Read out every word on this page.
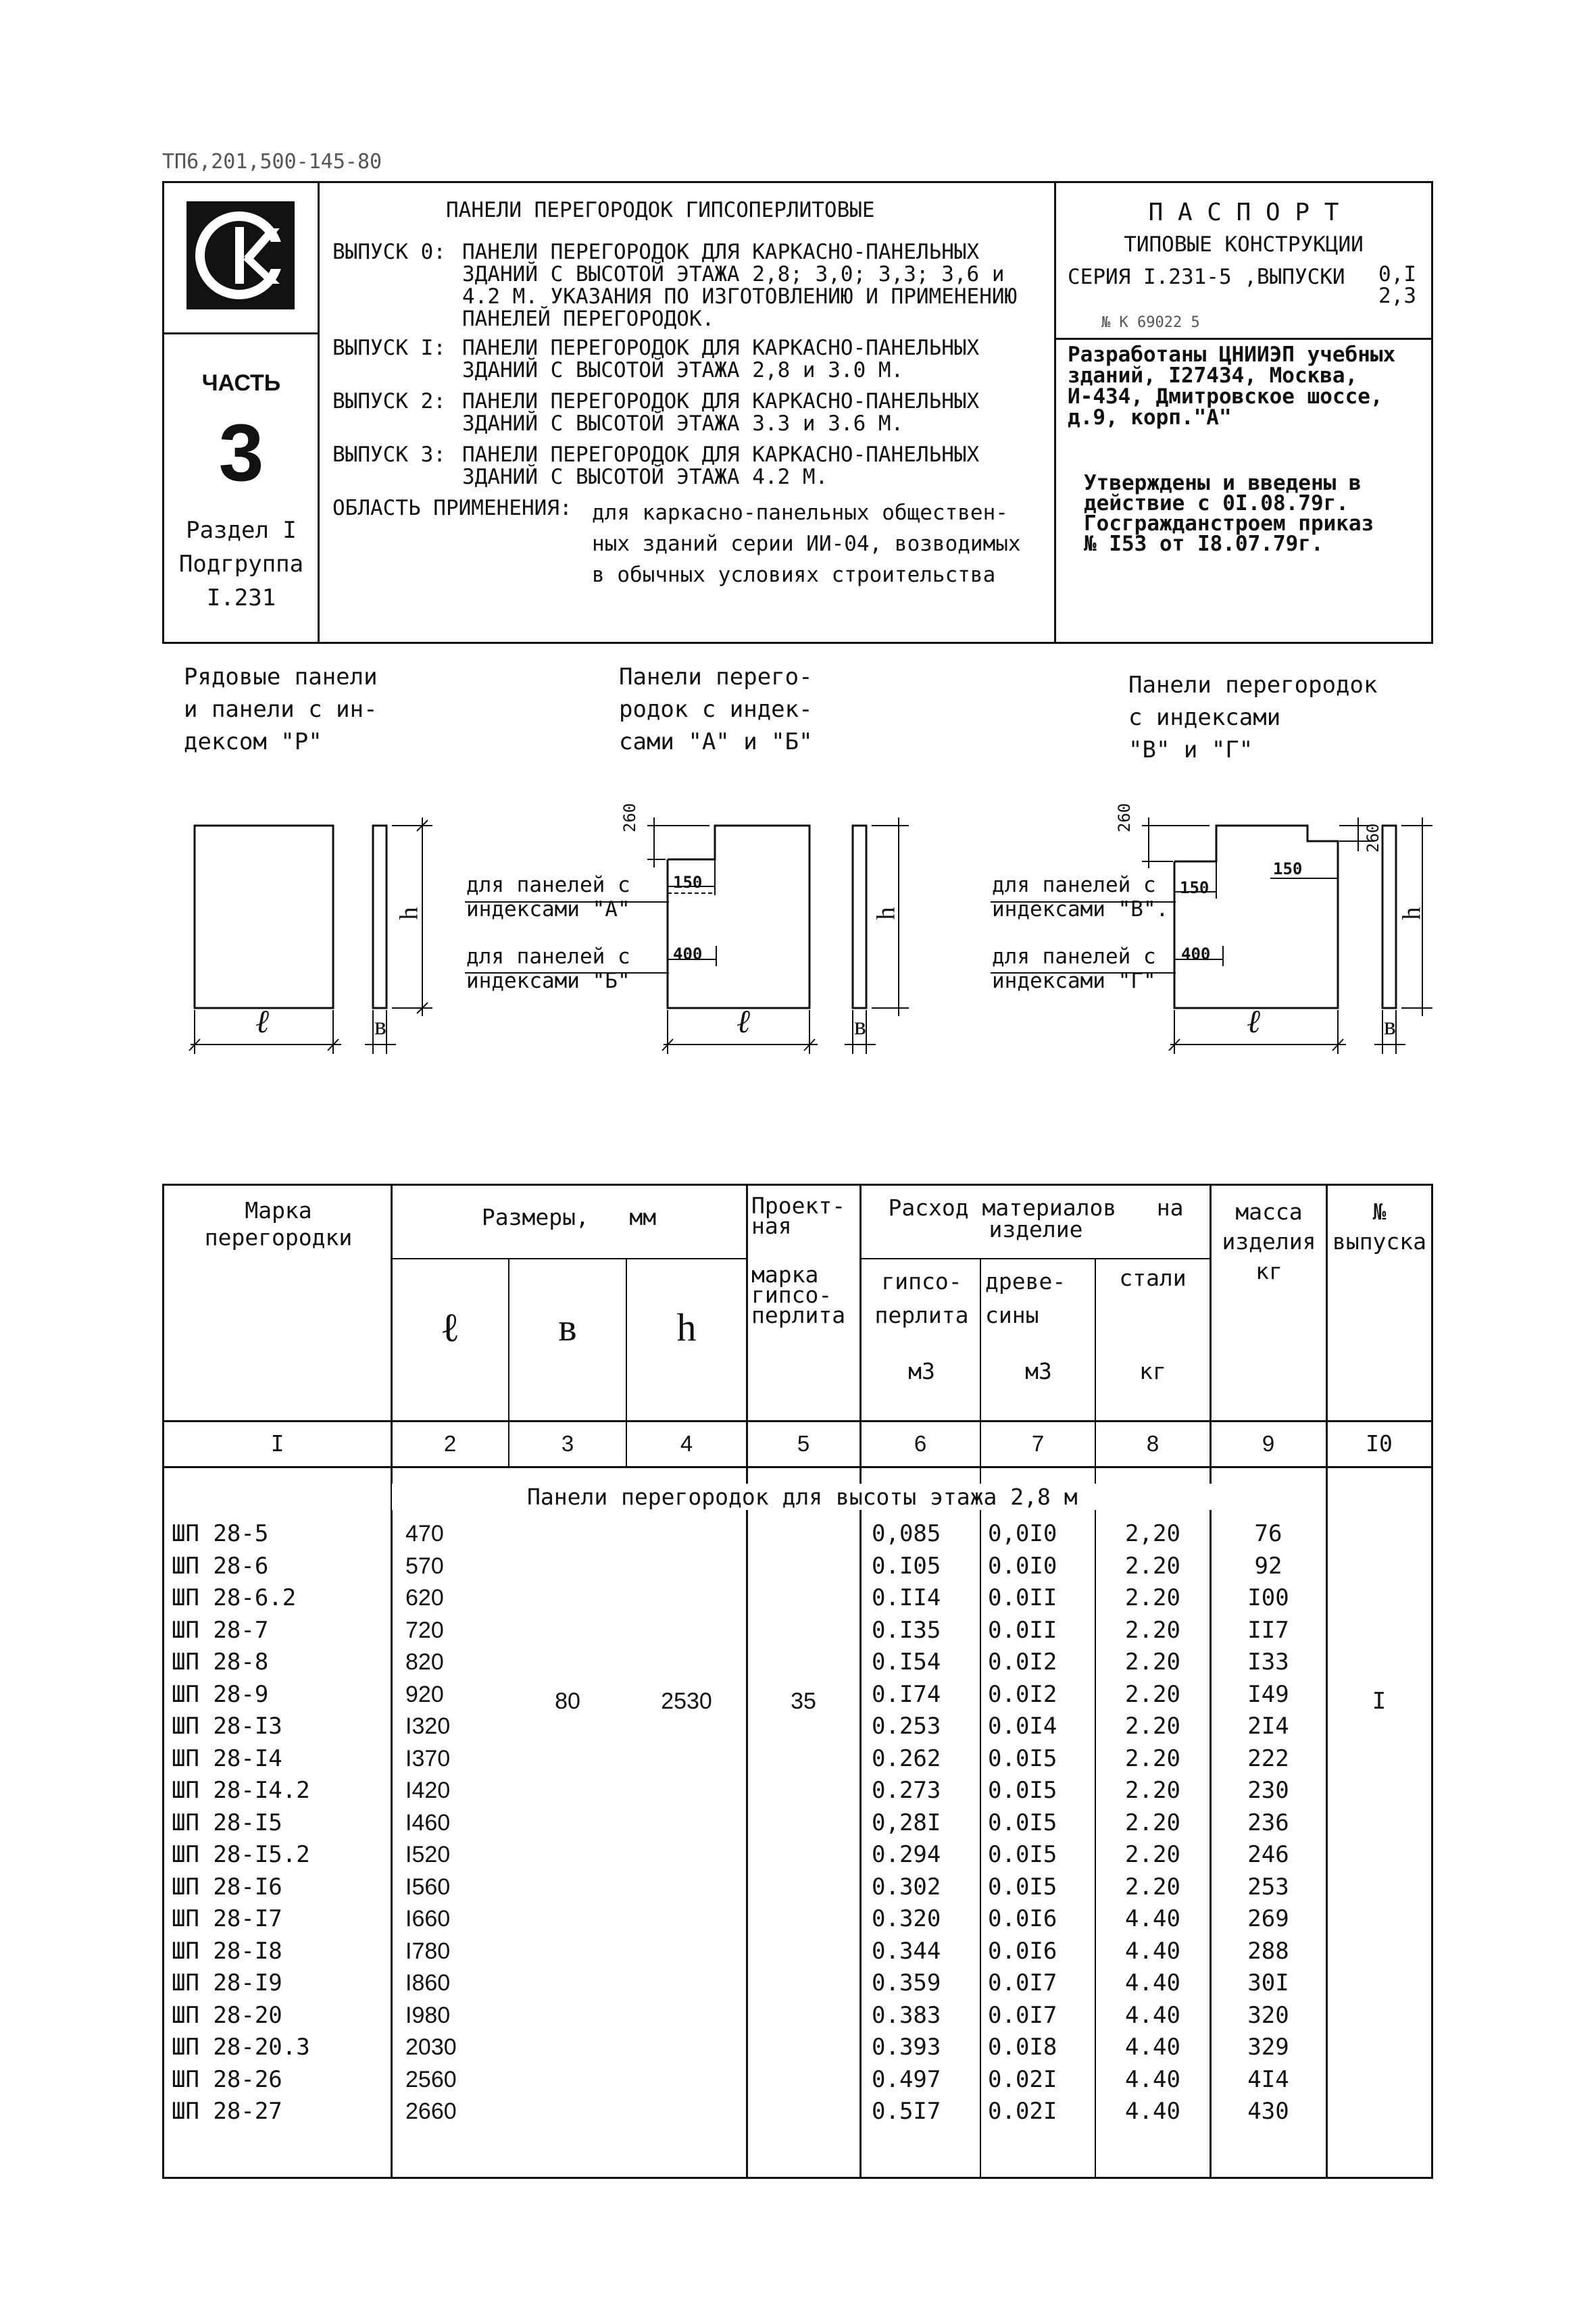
ТП6,201,500-145-80
ЧАСТЬ
3
Раздел I
Подгруппа
I.231
ПАНЕЛИ ПЕРЕГОРОДОК ГИПСОПЕРЛИТОВЫЕ
ВЫПУСК 0: ПАНЕЛИ ПЕРЕГОРОДОК ДЛЯ КАРКАСНО-ПАНЕЛЬНЫХ
ЗДАНИЙ С ВЫСОТОЙ ЭТАЖА 2,8; 3,0; 3,3; 3,6 и
4.2 М. УКАЗАНИЯ ПО ИЗГОТОВЛЕНИЮ И ПРИМЕНЕНИЮ
ПАНЕЛЕЙ ПЕРЕГОРОДОК.
ВЫПУСК I: ПАНЕЛИ ПЕРЕГОРОДОК ДЛЯ КАРКАСНО-ПАНЕЛЬНЫХ
ЗДАНИЙ С ВЫСОТОЙ ЭТАЖА 2,8 и 3.0 М.
ВЫПУСК 2: ПАНЕЛИ ПЕРЕГОРОДОК ДЛЯ КАРКАСНО-ПАНЕЛЬНЫХ
ЗДАНИЙ С ВЫСОТОЙ ЭТАЖА 3.3 и 3.6 М.
ВЫПУСК 3: ПАНЕЛИ ПЕРЕГОРОДОК ДЛЯ КАРКАСНО-ПАНЕЛЬНЫХ
ЗДАНИЙ С ВЫСОТОЙ ЭТАЖА 4.2 М.
ОБЛАСТЬ ПРИМЕНЕНИЯ: для каркасно-панельных обществен-
ных зданий серии ИИ-04, возводимых
в обычных условиях строительства
П А С П О Р Т
ТИПОВЫЕ КОНСТРУКЦИИ
СЕРИЯ I.231-5 ,ВЫПУСКИ 0,I
2,3
№ К 69022 5
Разработаны ЦНИИЭП учебных
зданий, I27434, Москва,
И-434, Дмитровское шоссе,
д.9, корп."А"
Утверждены и введены в
действие с 0I.08.79г.
Госгражданстроем приказ
№ I53 от I8.07.79г.
Рядовые панели
и панели с ин-
дексом "Р"
Панели перего-
родок с индек-
сами "А" и "Б"
Панели перегородок
с индексами
"В" и "Г"
ℓ	в
h
260
150
400
для панелей с
индексами "А"
для панелей с
индексами "Б"
ℓ	в
h
260
150
150
260
400
для панелей с
индексами "В".
для панелей с
индексами "Г"
ℓ	в
h
Марка
перегородки
Размеры,   мм
ℓ	в	h
Проект-
ная
марка
гипсо-
перлита
Расход материалов   на
изделие
гипсо-
перлита
м3
древе-
сины
м3
стали
кг
масса
изделия
кг
№
выпуска
I	2	3	4	5	6	7	8	9	I0
Панели перегородок для высоты этажа 2,8 м
80	2530	35	I
ШП 28-5	470	0,085	0,0I0	2,20	76
ШП 28-6	570	0.I05	0.0I0	2.20	92
ШП 28-6.2	620	0.II4	0.0II	2.20	I00
ШП 28-7	720	0.I35	0.0II	2.20	II7
ШП 28-8	820	0.I54	0.0I2	2.20	I33
ШП 28-9	920	0.I74	0.0I2	2.20	I49
ШП 28-I3	I320	0.253	0.0I4	2.20	2I4
ШП 28-I4	I370	0.262	0.0I5	2.20	222
ШП 28-I4.2	I420	0.273	0.0I5	2.20	230
ШП 28-I5	I460	0,28I	0.0I5	2.20	236
ШП 28-I5.2	I520	0.294	0.0I5	2.20	246
ШП 28-I6	I560	0.302	0.0I5	2.20	253
ШП 28-I7	I660	0.320	0.0I6	4.40	269
ШП 28-I8	I780	0.344	0.0I6	4.40	288
ШП 28-I9	I860	0.359	0.0I7	4.40	30I
ШП 28-20	I980	0.383	0.0I7	4.40	320
ШП 28-20.3	2030	0.393	0.0I8	4.40	329
ШП 28-26	2560	0.497	0.02I	4.40	4I4
ШП 28-27	2660	0.5I7	0.02I	4.40	430
